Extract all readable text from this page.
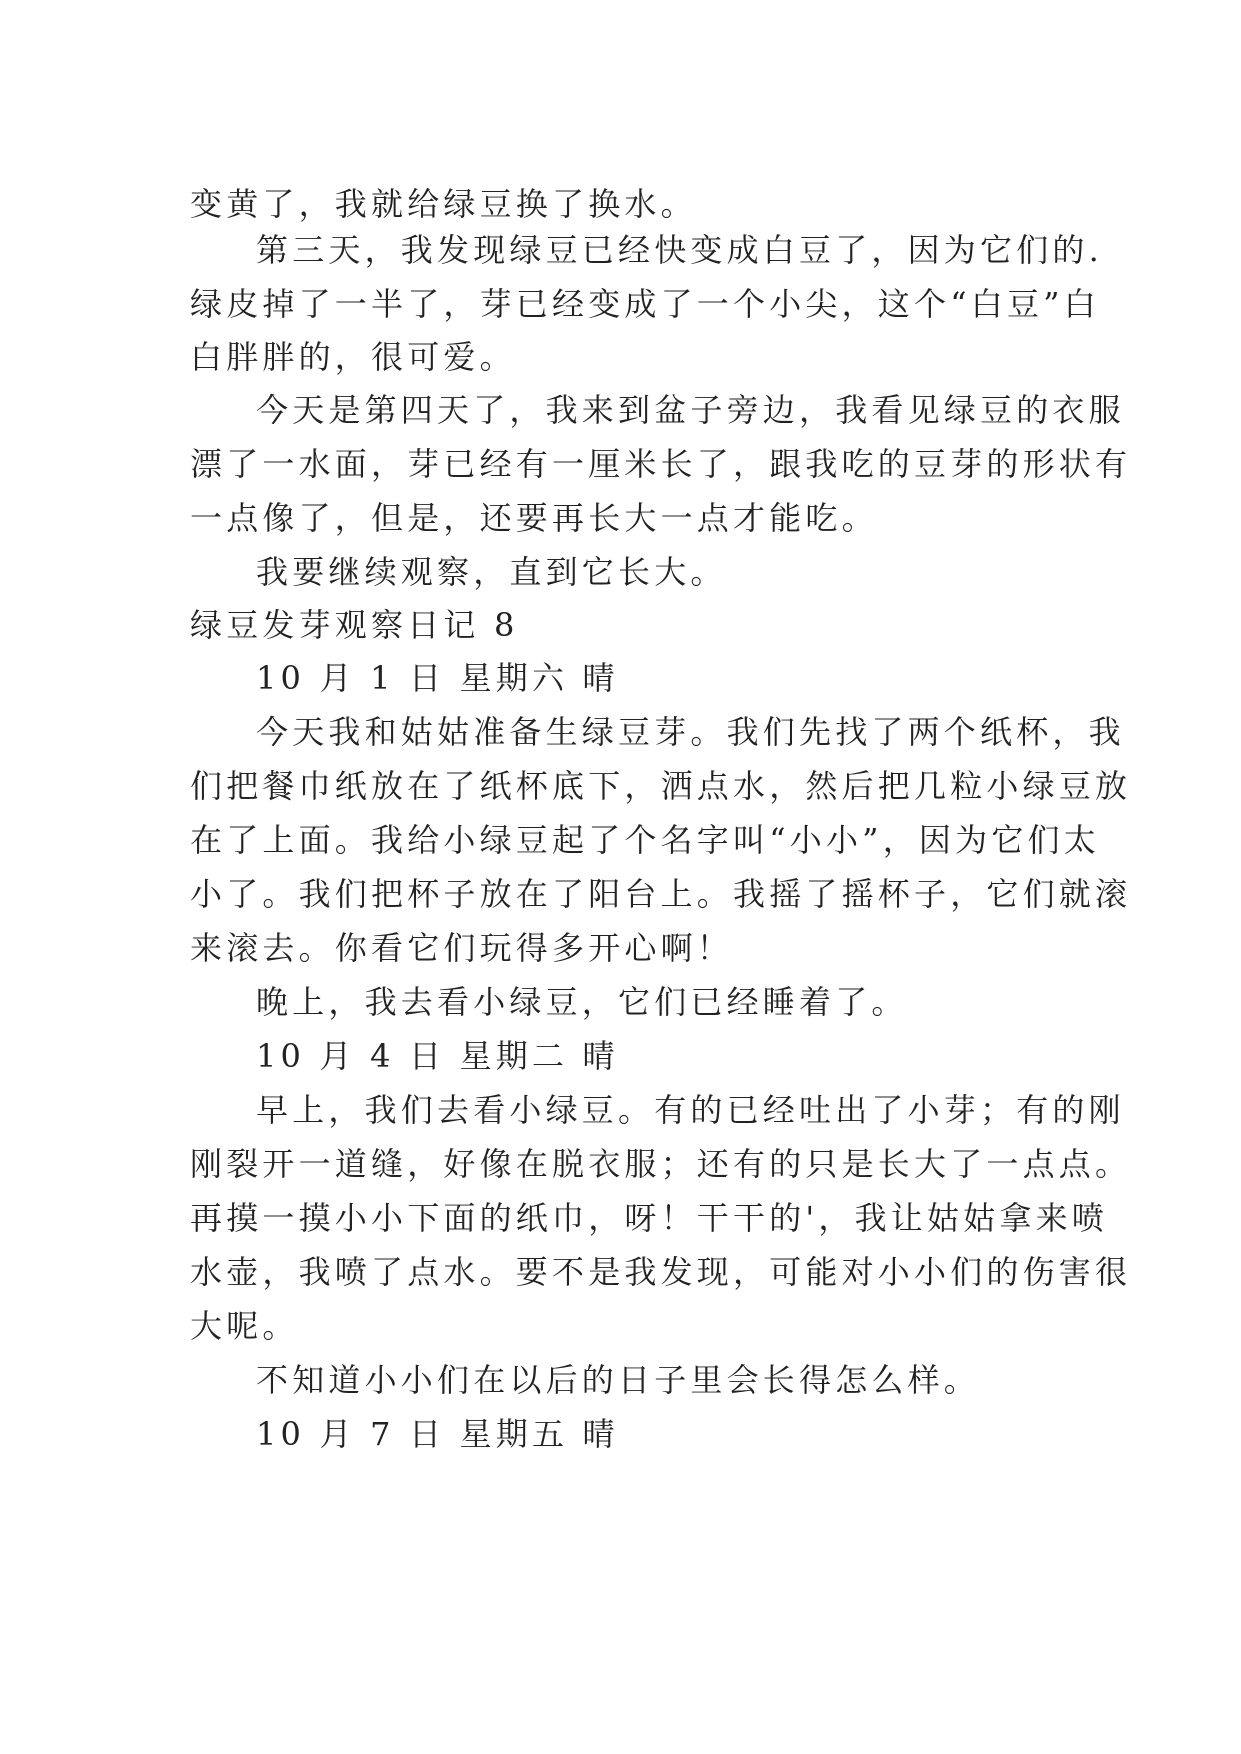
变黄了，我就给绿豆换了换水。

第三天，我发现绿豆已经快变成白豆了，因为它们的.

绿皮掉了一半了，芽已经变成了一个小尖，这个“白豆”白

白胖胖的，很可爱。

今天是第四天了，我来到盆子旁边，我看见绿豆的衣服

漂了一水面，芽已经有一厘米长了，跟我吃的豆芽的形状有

一点像了，但是，还要再长大一点才能吃。

我要继续观察，直到它长大。

绿豆发芽观察日记 8

10 月 1 日 星期六 晴

今天我和姑姑准备生绿豆芽。我们先找了两个纸杯，我

们把餐巾纸放在了纸杯底下，洒点水，然后把几粒小绿豆放

在了上面。我给小绿豆起了个名字叫“小小”，因为它们太

小了。我们把杯子放在了阳台上。我摇了摇杯子，它们就滚

来滚去。你看它们玩得多开心啊！

晚上，我去看小绿豆，它们已经睡着了。

10 月 4 日 星期二 晴

早上，我们去看小绿豆。有的已经吐出了小芽；有的刚

刚裂开一道缝，好像在脱衣服；还有的只是长大了一点点。

再摸一摸小小下面的纸巾，呀！干干的'，我让姑姑拿来喷

水壶，我喷了点水。要不是我发现，可能对小小们的伤害很

大呢。

不知道小小们在以后的日子里会长得怎么样。

10 月 7 日 星期五 晴
